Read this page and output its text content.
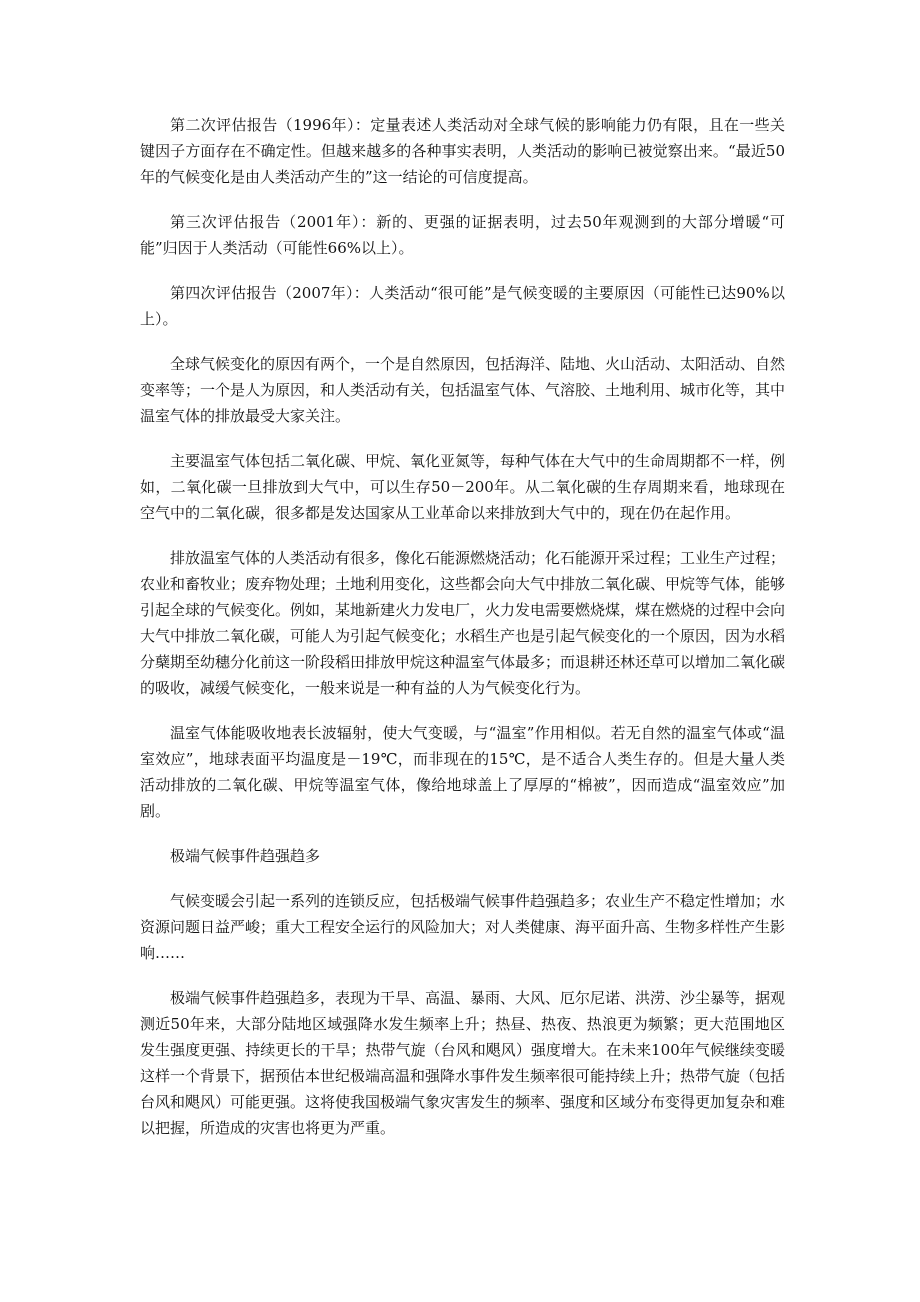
第二次评估报告（1996年）：定量表述人类活动对全球气候的影响能力仍有限，且在一些关键因子方面存在不确定性。但越来越多的各种事实表明，人类活动的影响已被觉察出来。“最近50年的气候变化是由人类活动产生的”这一结论的可信度提高。

第三次评估报告（2001年）：新的、更强的证据表明，过去50年观测到的大部分增暖“可能”归因于人类活动（可能性66%以上）。

第四次评估报告（2007年）：人类活动“很可能”是气候变暖的主要原因（可能性已达90%以上）。

全球气候变化的原因有两个，一个是自然原因，包括海洋、陆地、火山活动、太阳活动、自然变率等；一个是人为原因，和人类活动有关，包括温室气体、气溶胶、土地利用、城市化等，其中温室气体的排放最受大家关注。

主要温室气体包括二氧化碳、甲烷、氧化亚氮等，每种气体在大气中的生命周期都不一样，例如，二氧化碳一旦排放到大气中，可以生存50－200年。从二氧化碳的生存周期来看，地球现在空气中的二氧化碳，很多都是发达国家从工业革命以来排放到大气中的，现在仍在起作用。

排放温室气体的人类活动有很多，像化石能源燃烧活动；化石能源开采过程；工业生产过程；农业和畜牧业；废弃物处理；土地利用变化，这些都会向大气中排放二氧化碳、甲烷等气体，能够引起全球的气候变化。例如，某地新建火力发电厂，火力发电需要燃烧煤，煤在燃烧的过程中会向大气中排放二氧化碳，可能人为引起气候变化；水稻生产也是引起气候变化的一个原因，因为水稻分蘖期至幼穗分化前这一阶段稻田排放甲烷这种温室气体最多；而退耕还林还草可以增加二氧化碳的吸收，减缓气候变化，一般来说是一种有益的人为气候变化行为。

温室气体能吸收地表长波辐射，使大气变暖，与“温室”作用相似。若无自然的温室气体或“温室效应”，地球表面平均温度是－19℃，而非现在的15℃，是不适合人类生存的。但是大量人类活动排放的二氧化碳、甲烷等温室气体，像给地球盖上了厚厚的“棉被”，因而造成“温室效应”加剧。

极端气候事件趋强趋多

气候变暖会引起一系列的连锁反应，包括极端气候事件趋强趋多；农业生产不稳定性增加；水资源问题日益严峻；重大工程安全运行的风险加大；对人类健康、海平面升高、生物多样性产生影响……

极端气候事件趋强趋多，表现为干旱、高温、暴雨、大风、厄尔尼诺、洪涝、沙尘暴等，据观测近50年来，大部分陆地区域强降水发生频率上升；热昼、热夜、热浪更为频繁；更大范围地区发生强度更强、持续更长的干旱；热带气旋（台风和飓风）强度增大。在未来100年气候继续变暖这样一个背景下，据预估本世纪极端高温和强降水事件发生频率很可能持续上升；热带气旋（包括台风和飓风）可能更强。这将使我国极端气象灾害发生的频率、强度和区域分布变得更加复杂和难以把握，所造成的灾害也将更为严重。
